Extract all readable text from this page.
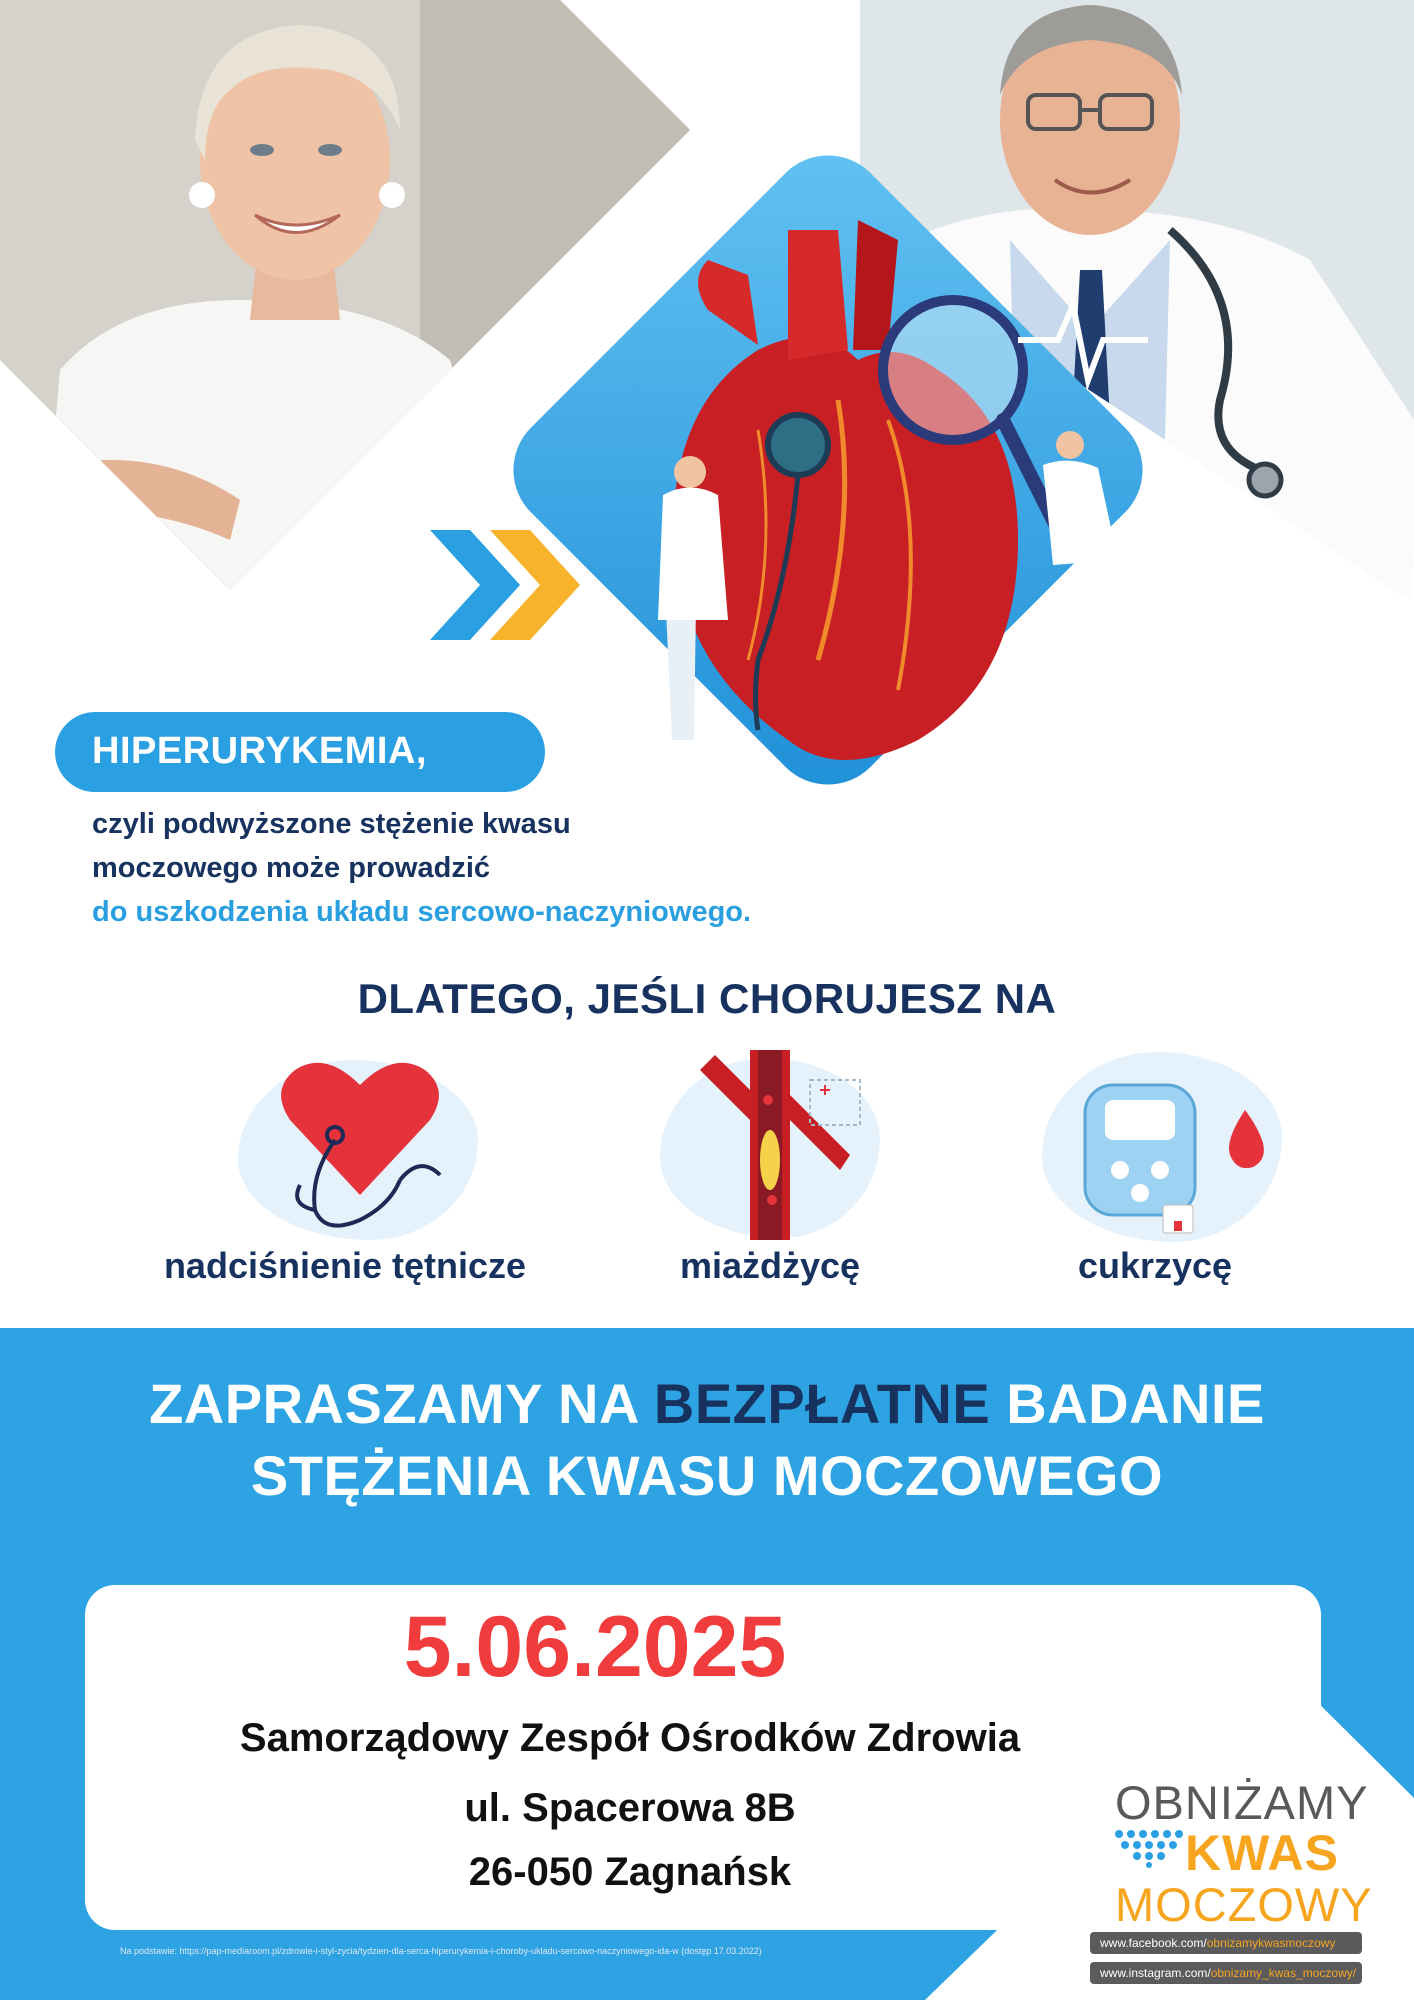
HIPERURYKEMIA,
czyli podwyższone stężenie kwasu
moczowego może prowadzić
do uszkodzenia układu sercowo-naczyniowego.
DLATEGO, JEŚLI CHORUJESZ NA
nadciśnienie tętnicze	miażdżycę	cukrzycę
ZAPRASZAMY NA BEZPŁATNE BADANIE
STĘŻENIA KWASU MOCZOWEGO
5.06.2025
Samorządowy Zespół Ośrodków Zdrowia
ul. Spacerowa 8B
26-050 Zagnańsk
OBNIŻAMY
KWAS
MOCZOWY
www.facebook.com/obnizamykwasmoczowy
www.instagram.com/obnizamy_kwas_moczowy/
Na podstawie: https://pap-mediaroom.pl/zdrowie-i-styl-zycia/tydzien-dla-serca-hiperurykemia-i-choroby-ukladu-sercowo-naczyniowego-ida-w (dostęp 17.03.2022)
